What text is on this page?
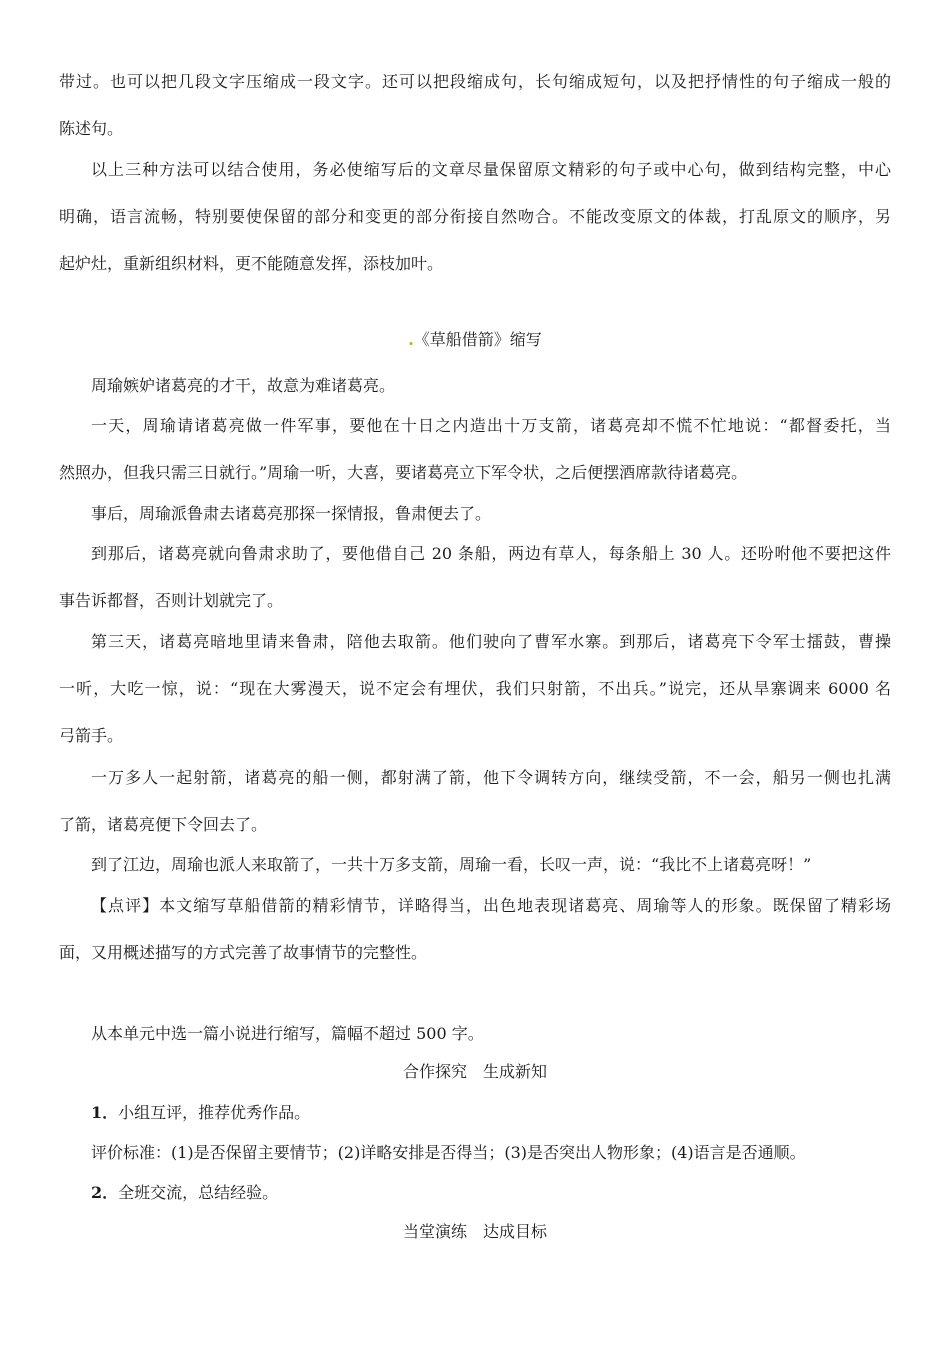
带过。也可以把几段文字压缩成一段文字。还可以把段缩成句，长句缩成短句，以及把抒情性的句子缩成一般的
陈述句。
以上三种方法可以结合使用，务必使缩写后的文章尽量保留原文精彩的句子或中心句，做到结构完整，中心
明确，语言流畅，特别要使保留的部分和变更的部分衔接自然吻合。不能改变原文的体裁，打乱原文的顺序，另
起炉灶，重新组织材料，更不能随意发挥，添枝加叶。
.《草船借箭》缩写
周瑜嫉妒诸葛亮的才干，故意为难诸葛亮。
一天，周瑜请诸葛亮做一件军事，要他在十日之内造出十万支箭，诸葛亮却不慌不忙地说：“都督委托，当
然照办，但我只需三日就行。”周瑜一听，大喜，要诸葛亮立下军令状，之后便摆酒席款待诸葛亮。
事后，周瑜派鲁肃去诸葛亮那探一探情报，鲁肃便去了。
到那后，诸葛亮就向鲁肃求助了，要他借自己 20 条船，两边有草人，每条船上 30 人。还吩咐他不要把这件
事告诉都督，否则计划就完了。
第三天，诸葛亮暗地里请来鲁肃，陪他去取箭。他们驶向了曹军水寨。到那后，诸葛亮下令军士擂鼓，曹操
一听，大吃一惊，说：“现在大雾漫天，说不定会有埋伏，我们只射箭，不出兵。”说完，还从旱寨调来 6000 名
弓箭手。
一万多人一起射箭，诸葛亮的船一侧，都射满了箭，他下令调转方向，继续受箭，不一会，船另一侧也扎满
了箭，诸葛亮便下令回去了。
到了江边，周瑜也派人来取箭了，一共十万多支箭，周瑜一看，长叹一声，说：“我比不上诸葛亮呀！”
【点评】本文缩写草船借箭的精彩情节，详略得当，出色地表现诸葛亮、周瑜等人的形象。既保留了精彩场
面，又用概述描写的方式完善了故事情节的完整性。
从本单元中选一篇小说进行缩写，篇幅不超过 500 字。
合作探究　生成新知
1．小组互评，推荐优秀作品。
评价标准：(1)是否保留主要情节；(2)详略安排是否得当；(3)是否突出人物形象；(4)语言是否通顺。
2．全班交流，总结经验。
当堂演练　达成目标
